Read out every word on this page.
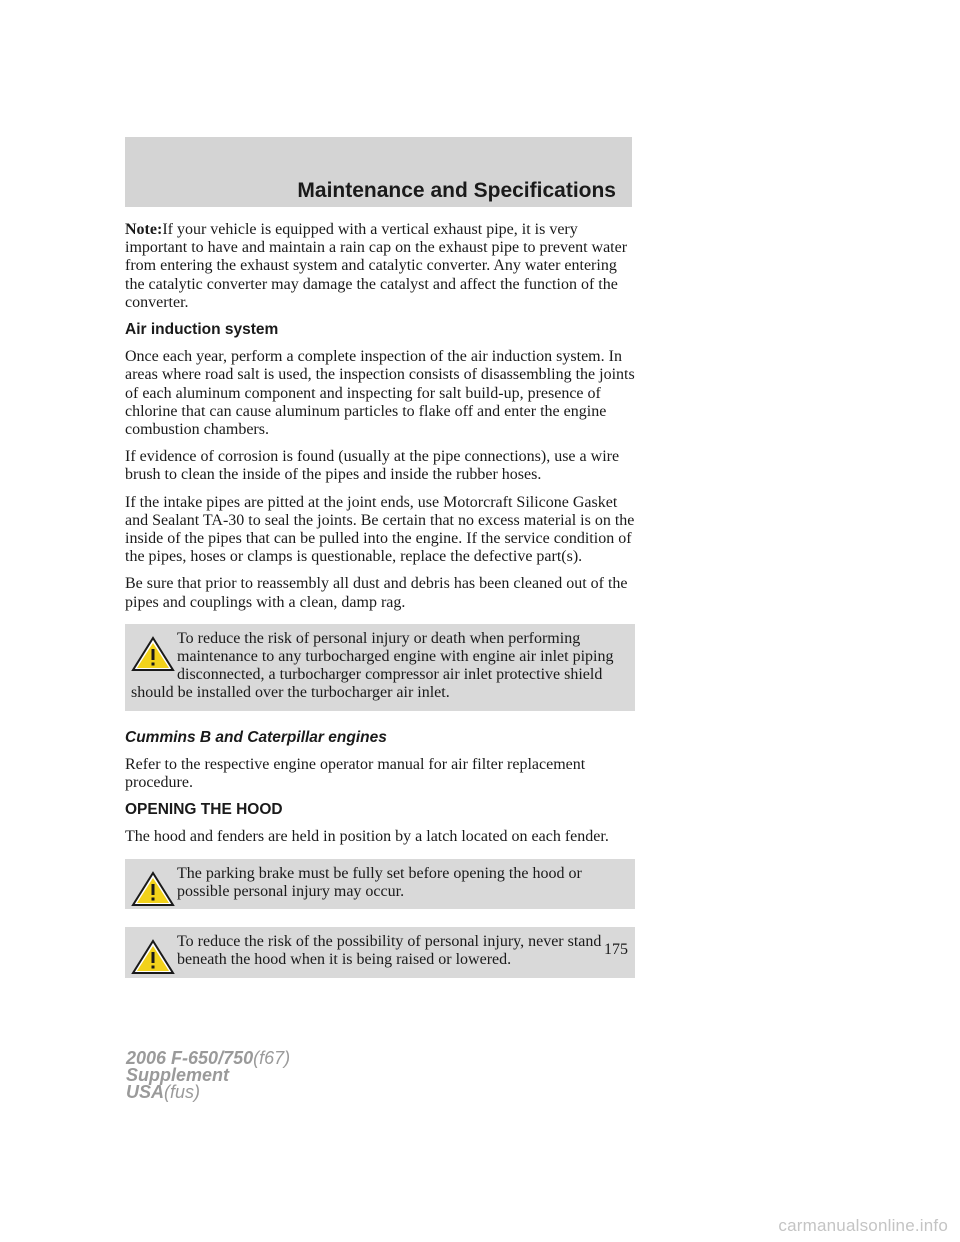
Maintenance and Specifications

Note:If your vehicle is equipped with a vertical exhaust pipe, it is very important to have and maintain a rain cap on the exhaust pipe to prevent water from entering the exhaust system and catalytic converter. Any water entering the catalytic converter may damage the catalyst and affect the function of the converter.

Air induction system

Once each year, perform a complete inspection of the air induction system. In areas where road salt is used, the inspection consists of disassembling the joints of each aluminum component and inspecting for salt build-up, presence of chlorine that can cause aluminum particles to flake off and enter the engine combustion chambers.

If evidence of corrosion is found (usually at the pipe connections), use a wire brush to clean the inside of the pipes and inside the rubber hoses.

If the intake pipes are pitted at the joint ends, use Motorcraft Silicone Gasket and Sealant TA-30 to seal the joints. Be certain that no excess material is on the inside of the pipes that can be pulled into the engine. If the service condition of the pipes, hoses or clamps is questionable, replace the defective part(s).

Be sure that prior to reassembly all dust and debris has been cleaned out of the pipes and couplings with a clean, damp rag.

To reduce the risk of personal injury or death when performing maintenance to any turbocharged engine with engine air inlet piping disconnected, a turbocharger compressor air inlet protective shield should be installed over the turbocharger air inlet.

Cummins B and Caterpillar engines

Refer to the respective engine operator manual for air filter replacement procedure.

OPENING THE HOOD

The hood and fenders are held in position by a latch located on each fender.

The parking brake must be fully set before opening the hood or possible personal injury may occur.

To reduce the risk of the possibility of personal injury, never stand beneath the hood when it is being raised or lowered.

175
2006 F-650/750(f67)
Supplement
USA(fus)
carmanualsonline.info
